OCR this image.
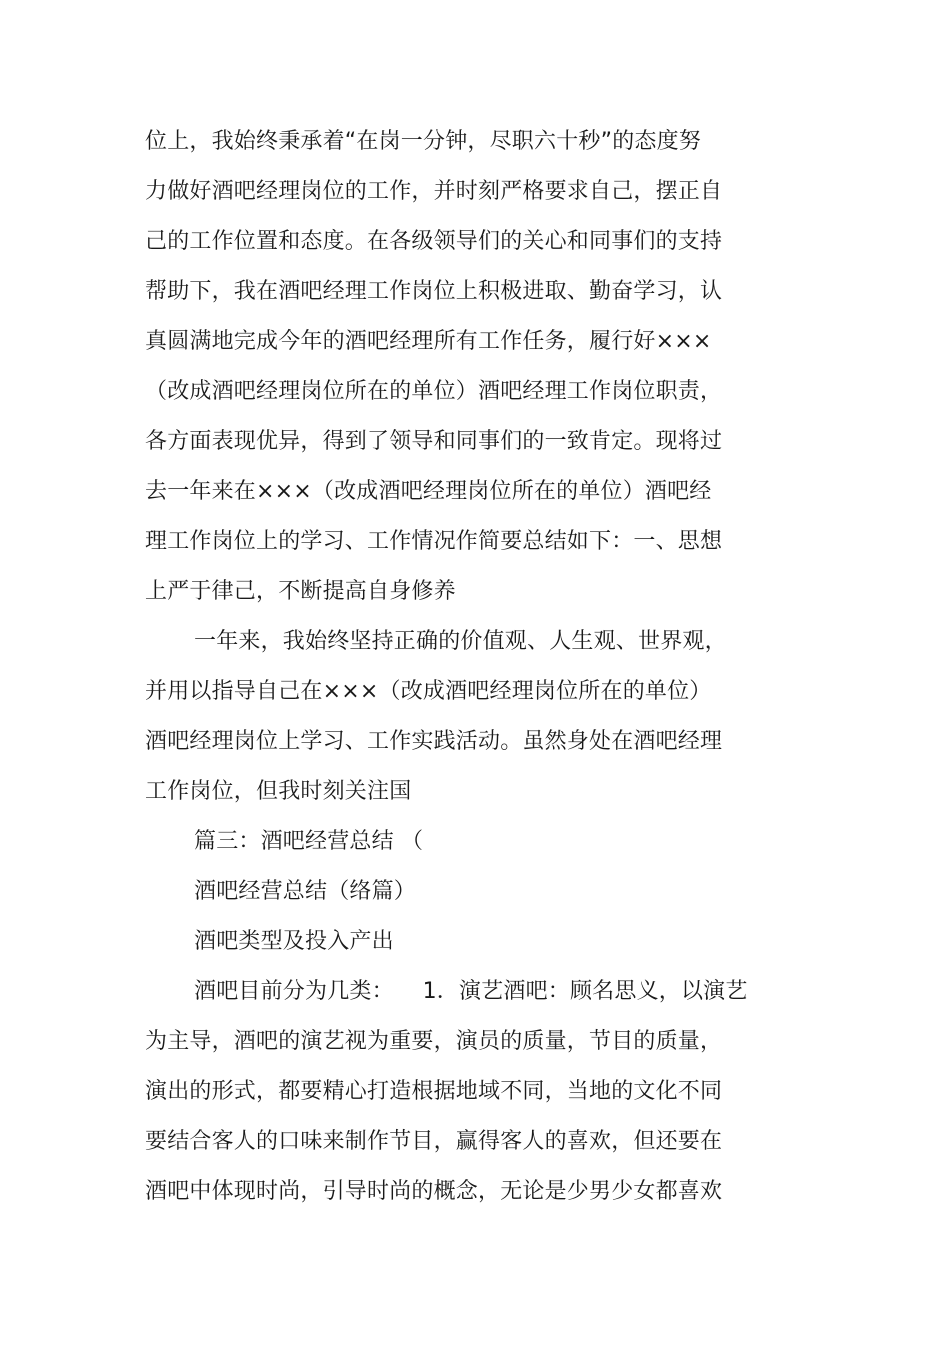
位上，我始终秉承着“在岗一分钟，尽职六十秒”的态度努
力做好酒吧经理岗位的工作，并时刻严格要求自己，摆正自
己的工作位置和态度。在各级领导们的关心和同事们的支持
帮助下，我在酒吧经理工作岗位上积极进取、勤奋学习，认
真圆满地完成今年的酒吧经理所有工作任务，履行好×××
（改成酒吧经理岗位所在的单位）酒吧经理工作岗位职责，
各方面表现优异，得到了领导和同事们的一致肯定。现将过
去一年来在×××（改成酒吧经理岗位所在的单位）酒吧经
理工作岗位上的学习、工作情况作简要总结如下：一、思想
上严于律己，不断提高自身修养
一年来，我始终坚持正确的价值观、人生观、世界观，
并用以指导自己在×××（改成酒吧经理岗位所在的单位）
酒吧经理岗位上学习、工作实践活动。虽然身处在酒吧经理
工作岗位，但我时刻关注国
篇三：酒吧经营总结 （
酒吧经营总结（络篇）
酒吧类型及投入产出
酒吧目前分为几类：    1．演艺酒吧：顾名思义，以演艺
为主导，酒吧的演艺视为重要，演员的质量，节目的质量，
演出的形式，都要精心打造根据地域不同，当地的文化不同
要结合客人的口味来制作节目，赢得客人的喜欢，但还要在
酒吧中体现时尚，引导时尚的概念，无论是少男少女都喜欢
